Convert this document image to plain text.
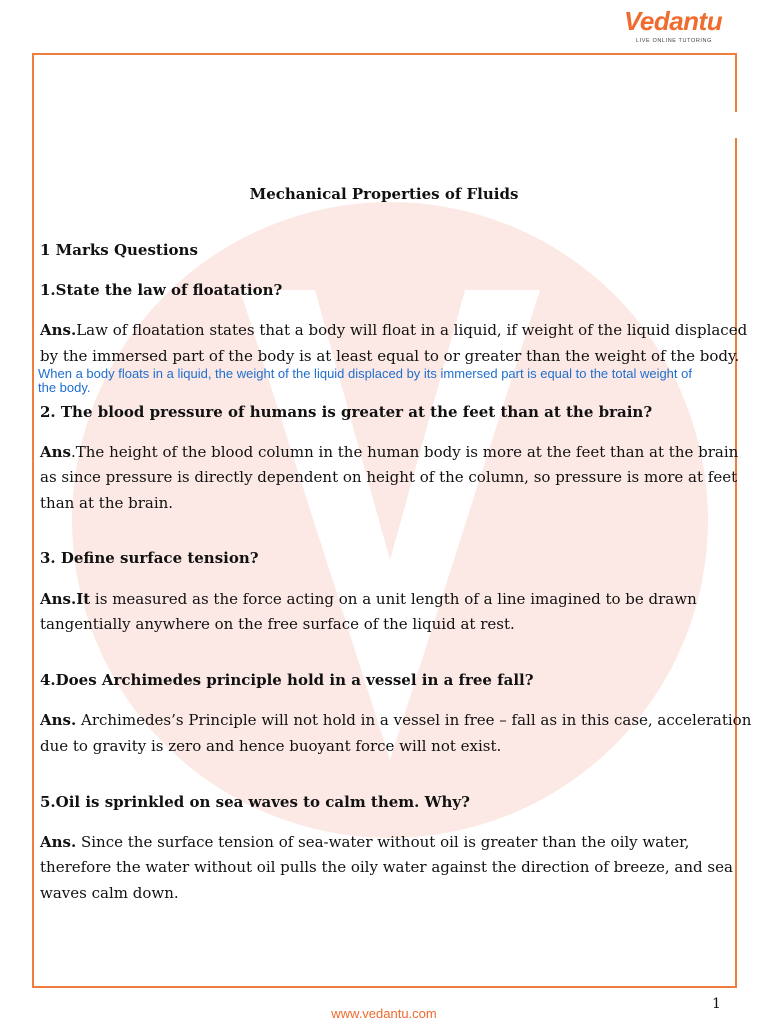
Vedantu
LIVE ONLINE TUTORING
Mechanical Properties of Fluids
1 Marks Questions
1.State the law of floatation?
Ans.Law of floatation states that a body will float in a liquid, if weight of the liquid displaced
by the immersed part of the body is at least equal to or greater than the weight of the body.
When a body floats in a liquid, the weight of the liquid displaced by its immersed part is equal to the total weight of
the body.
2. The blood pressure of humans is greater at the feet than at the brain?
Ans.The height of the blood column in the human body is more at the feet than at the brain
as since pressure is directly dependent on height of the column, so pressure is more at feet
than at the brain.
3. Define surface tension?
Ans.It is measured as the force acting on a unit length of a line imagined to be drawn
tangentially anywhere on the free surface of the liquid at rest.
4.Does Archimedes principle hold in a vessel in a free fall?
Ans. Archimedes’s Principle will not hold in a vessel in free – fall as in this case, acceleration
due to gravity is zero and hence buoyant force will not exist.
5.Oil is sprinkled on sea waves to calm them. Why?
Ans. Since the surface tension of sea-water without oil is greater than the oily water,
therefore the water without oil pulls the oily water against the direction of breeze, and sea
waves calm down.
1
www.vedantu.com
